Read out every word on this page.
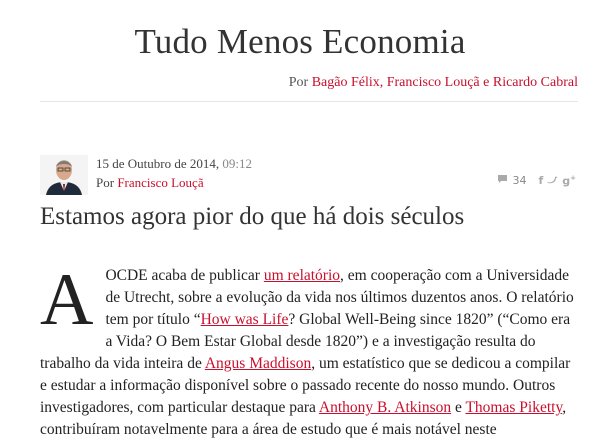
Tudo Menos Economia
Por Bagão Félix, Francisco Louçã e Ricardo Cabral
15 de Outubro de 2014, 09:12
Por Francisco Louçã	34 f g+
Estamos agora pior do que há dois séculos
AOCDE acaba de publicar um relatório, em cooperação com a Universidade de Utrecht, sobre a evolução da vida nos últimos duzentos anos. O relatório tem por título “How was Life? Global Well-Being since 1820” (“Como era a Vida? O Bem Estar Global desde 1820”) e a investigação resulta do trabalho da vida inteira de Angus Maddison, um estatístico que se dedicou a compilar e estudar a informação disponível sobre o passado recente do nosso mundo. Outros investigadores, com particular destaque para Anthony B. Atkinson e Thomas Piketty, contribuíram notavelmente para a área de estudo que é mais notável neste
